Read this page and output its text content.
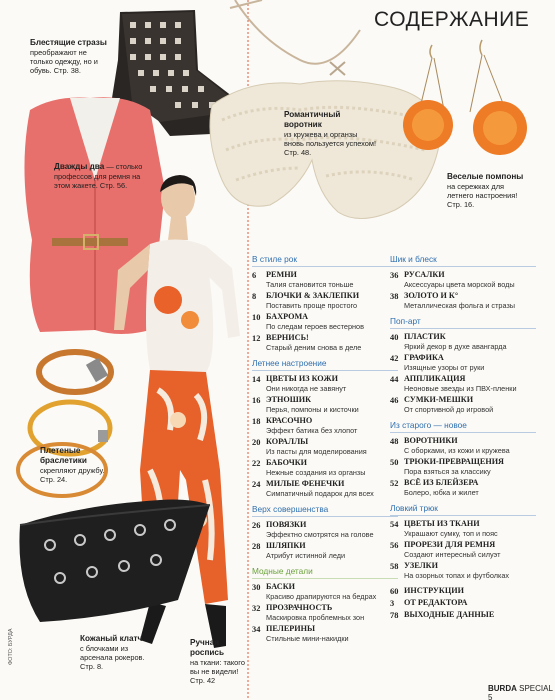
СОДЕРЖАНИЕ
Блестящие стразы
преображают не только одежду, но и обувь. Стр. 38.
Дважды два — столько профессов для ремня на этом жакете. Стр. 56.
Романтичный воротник
из кружева и органзы вновь пользуется успехом! Стр. 48.
Веселые помпоны
на сережках для летнего настроения! Стр. 16.
Плетеные браслетики
скрепляют дружбу. Стр. 24.
Кожаный клатч
с блочками из арсенала рокеров. Стр. 8.
Ручная роспись
на ткани: такого вы не видели! Стр. 42
ФОТО: БУРДА
В стиле рок
6	РЕМНИ
Талия становится тоньше
8	БЛОЧКИ & ЗАКЛЕПКИ
Поставить проще простого
10 БАХРОМА
По следам героев вестернов
12 ВЕРНИСЬ!
Старый деним снова в деле
Летнее настроение
14 ЦВЕТЫ ИЗ КОЖИ
Они никогда не завянут
16 ЭТНОШИК
Перья, помпоны и кисточки
18 КРАСОЧНО
Эффект батика без хлопот
20 КОРАЛЛЫ
Из пасты для моделирования
22 БАБОЧКИ
Нежные создания из органзы
24 МИЛЫЕ ФЕНЕЧКИ
Симпатичный подарок для всех
Верх совершенства
26 ПОВЯЗКИ
Эффектно смотрятся на голове
28 ШЛЯПКИ
Атрибут истинной леди
Модные детали
30 БАСКИ
Красиво драпируются на бедрах
32 ПРОЗРАЧНОСТЬ
Маскировка проблемных зон
34 ПЕЛЕРИНЫ
Стильные мини-накидки
Шик и блеск
36 РУСАЛКИ
Аксессуары цвета морской воды
38 ЗОЛОТО И К°
Металлическая фольга и стразы
Поп-арт
40 ПЛАСТИК
Яркий декор в духе авангарда
42 ГРАФИКА
Изящные узоры от руки
44 АППЛИКАЦИЯ
Неоновые звезды из ПВХ-пленки
46 СУМКИ-МЕШКИ
От спортивной до игровой
Из старого — новое
48 ВОРОТНИКИ
С оборками, из кожи и кружева
50 ТРЮКИ-ПРЕВРАЩЕНИЯ
Пора взяться за классику
52 ВСЁ ИЗ БЛЕЙЗЕРА
Болеро, юбка и жилет
Ловкий трюк
54 ЦВЕТЫ ИЗ ТКАНИ
Украшают сумку, топ и пояс
56 ПРОРЕЗИ ДЛЯ РЕМНЯ
Создают интересный силуэт
58 УЗЕЛКИ
На озорных топах и футболках
60 ИНСТРУКЦИИ
3	ОТ РЕДАКТОРА
78 ВЫХОДНЫЕ ДАННЫЕ
BURDA SPECIAL 5
